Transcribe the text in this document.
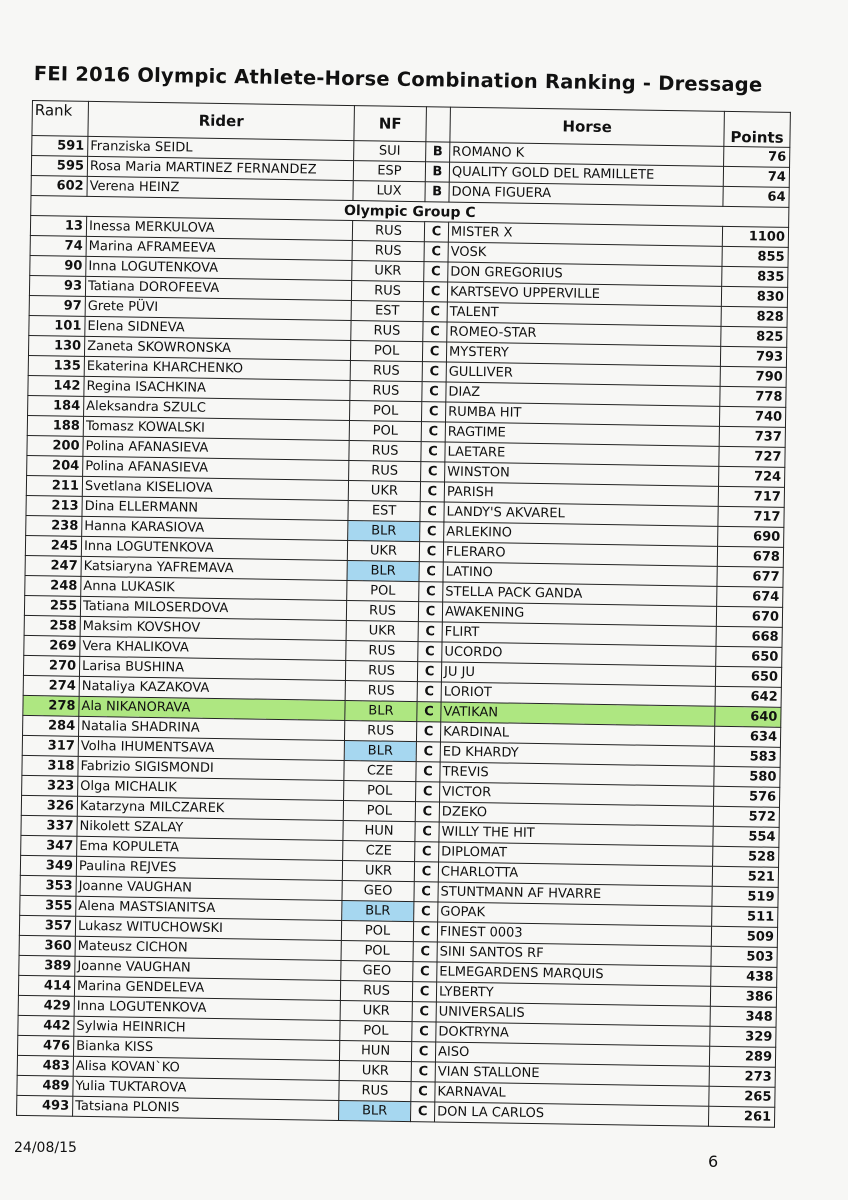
FEI 2016 Olympic Athlete-Horse Combination Ranking - Dressage
Rank	Rider	NF		Horse	Points
591	Franziska SEIDL	SUI	B	ROMANO K	76
595	Rosa Maria MARTINEZ FERNANDEZ	ESP	B	QUALITY GOLD DEL RAMILLETE	74
602	Verena HEINZ	LUX	B	DONA FIGUERA	64
Olympic Group C					
13	Inessa MERKULOVA	RUS	C	MISTER X	1100
74	Marina AFRAMEEVA	RUS	C	VOSK	855
90	Inna LOGUTENKOVA	UKR	C	DON GREGORIUS	835
93	Tatiana DOROFEEVA	RUS	C	KARTSEVO UPPERVILLE	830
97	Grete PÜVI	EST	C	TALENT	828
101	Elena SIDNEVA	RUS	C	ROMEO-STAR	825
130	Zaneta SKOWRONSKA	POL	C	MYSTERY	793
135	Ekaterina KHARCHENKO	RUS	C	GULLIVER	790
142	Regina ISACHKINA	RUS	C	DIAZ	778
184	Aleksandra SZULC	POL	C	RUMBA HIT	740
188	Tomasz KOWALSKI	POL	C	RAGTIME	737
200	Polina AFANASIEVA	RUS	C	LAETARE	727
204	Polina AFANASIEVA	RUS	C	WINSTON	724
211	Svetlana KISELIOVA	UKR	C	PARISH	717
213	Dina ELLERMANN	EST	C	LANDY'S AKVAREL	717
238	Hanna KARASIOVA	BLR	C	ARLEKINO	690
245	Inna LOGUTENKOVA	UKR	C	FLERARO	678
247	Katsiaryna YAFREMAVA	BLR	C	LATINO	677
248	Anna LUKASIK	POL	C	STELLA PACK GANDA	674
255	Tatiana MILOSERDOVA	RUS	C	AWAKENING	670
258	Maksim KOVSHOV	UKR	C	FLIRT	668
269	Vera KHALIKOVA	RUS	C	UCORDO	650
270	Larisa BUSHINA	RUS	C	JU JU	650
274	Nataliya KAZAKOVA	RUS	C	LORIOT	642
278	Ala NIKANORAVA	BLR	C	VATIKAN	640
284	Natalia SHADRINA	RUS	C	KARDINAL	634
317	Volha IHUMENTSAVA	BLR	C	ED KHARDY	583
318	Fabrizio SIGISMONDI	CZE	C	TREVIS	580
323	Olga MICHALIK	POL	C	VICTOR	576
326	Katarzyna MILCZAREK	POL	C	DZEKO	572
337	Nikolett SZALAY	HUN	C	WILLY THE HIT	554
347	Ema KOPULETA	CZE	C	DIPLOMAT	528
349	Paulina REJVES	UKR	C	CHARLOTTA	521
353	Joanne VAUGHAN	GEO	C	STUNTMANN AF HVARRE	519
355	Alena MASTSIANITSA	BLR	C	GOPAK	511
357	Lukasz WITUCHOWSKI	POL	C	FINEST 0003	509
360	Mateusz CICHON	POL	C	SINI SANTOS RF	503
389	Joanne VAUGHAN	GEO	C	ELMEGARDENS MARQUIS	438
414	Marina GENDELEVA	RUS	C	LYBERTY	386
429	Inna LOGUTENKOVA	UKR	C	UNIVERSALIS	348
442	Sylwia HEINRICH	POL	C	DOKTRYNA	329
476	Bianka KISS	HUN	C	AISO	289
483	Alisa KOVAN`KO	UKR	C	VIAN STALLONE	273
489	Yulia TUKTAROVA	RUS	C	KARNAVAL	265
493	Tatsiana PLONIS	BLR	C	DON LA CARLOS	261
24/08/15
6
